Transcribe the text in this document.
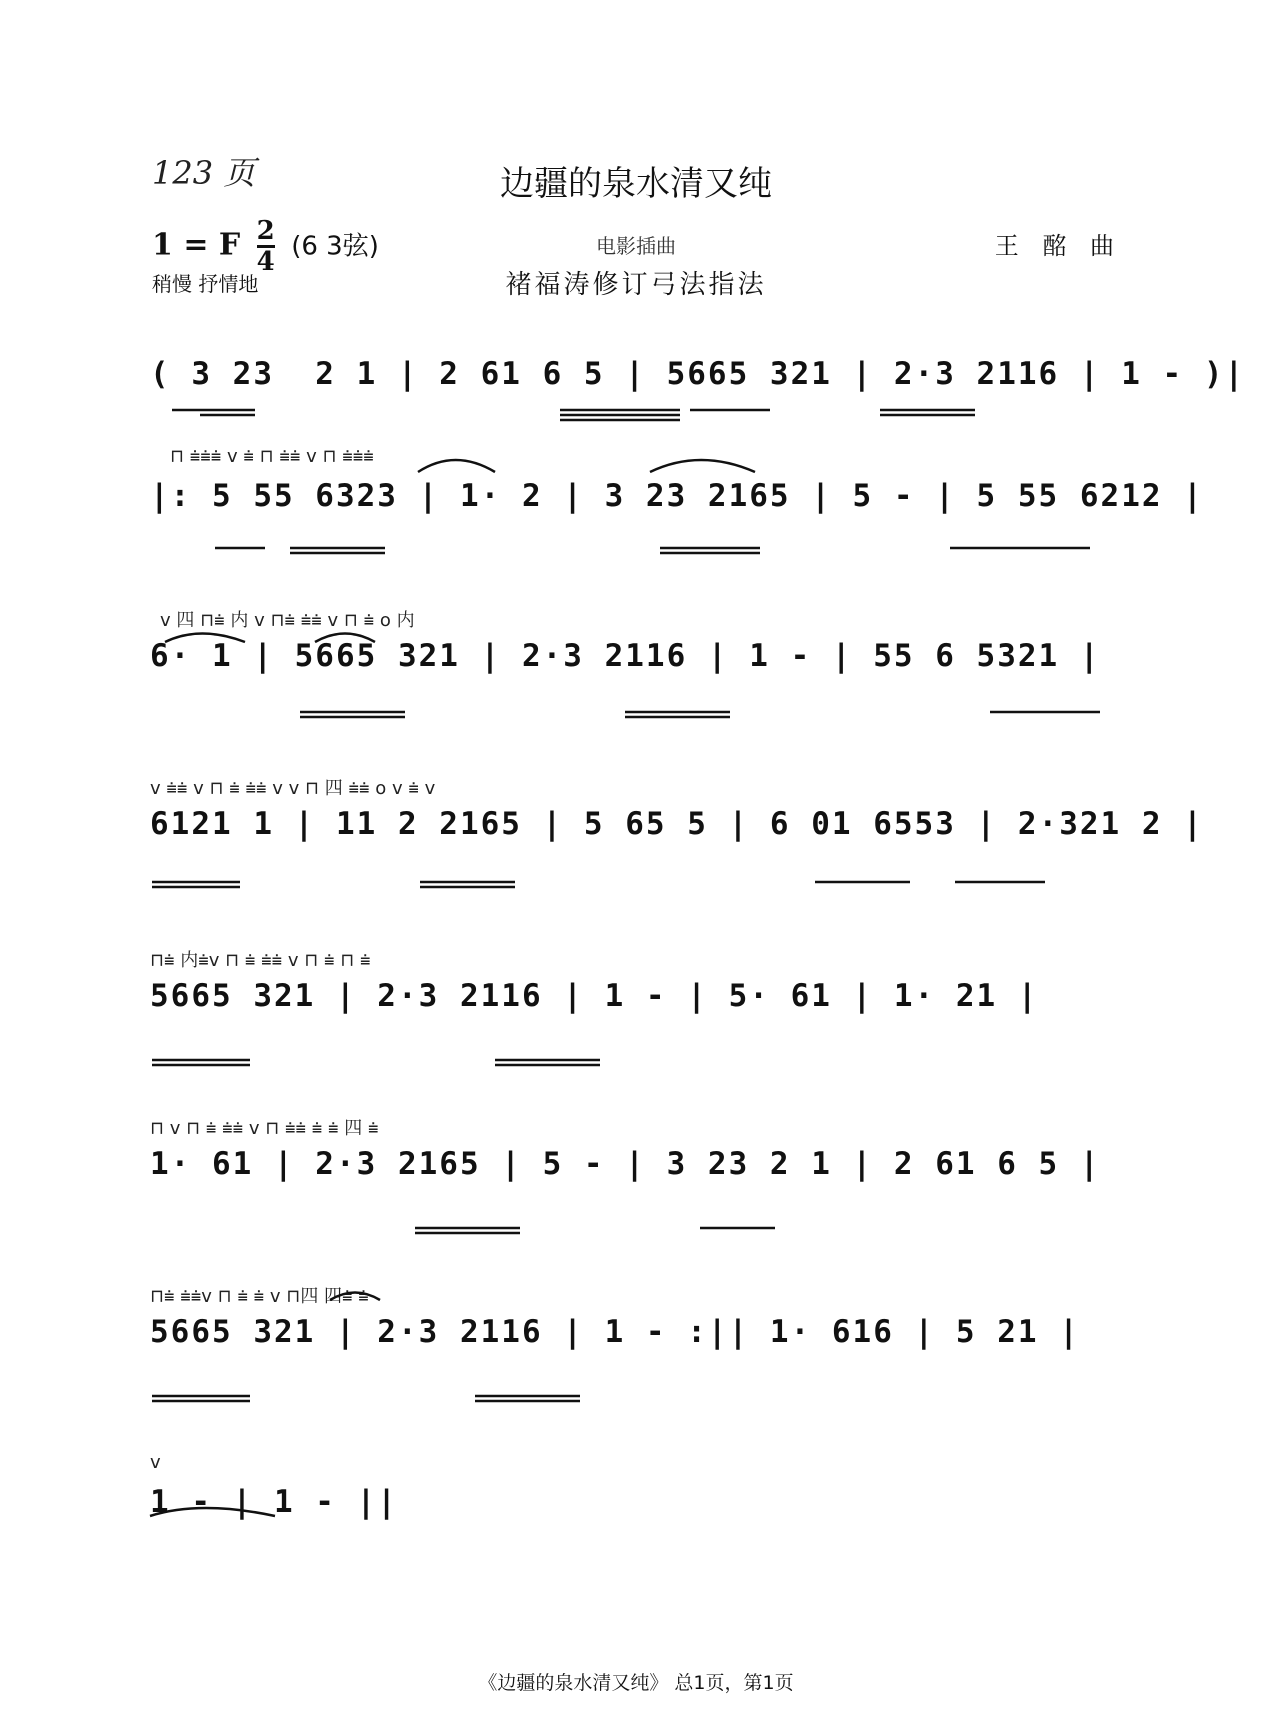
123 页	边疆的泉水清又纯
1 = F $\frac{2}{4} (6$ 3弦)
稍慢 抒情地
电影插曲
褚福涛修订弓法指法
王 酩 曲
( 3 23  2 1 | 2 61 6 5 | 5665 321 | 2·3 2116 | 1 - )|
⊓ ⩧⩧⩧ v ⩧ ⊓ ⩧⩧ v ⊓ ⩧⩧⩧
|: 5 55 6323 | 1· 2 | 3 23 2165 | 5 - | 5 55 6212 |
v 四 ⊓⩧ 内 v ⊓⩧ ⩧⩧ v ⊓ ⩧ o 内
6· 1 | 5665 321 | 2·3 2116 | 1 - | 55 6 5321 |
v ⩧⩧ v ⊓ ⩧ ⩧⩧ v v ⊓ 四 ⩧⩧ o v ⩧ v
6121 1 | 11 2 2165 | 5 65 5 | 6 01 6553 | 2·321 2 |
⊓⩧ 内⩧v ⊓ ⩧ ⩧⩧ v ⊓ ⩧ ⊓ ⩧
5665 321 | 2·3 2116 | 1 - | 5· 61 | 1· 21 |
⊓ v ⊓ ⩧ ⩧⩧ v ⊓ ⩧⩧ ⩧ ⩧ 四 ⩧
1· 61 | 2·3 2165 | 5 - | 3 23 2 1 | 2 61 6 5 |
⊓⩧ ⩧⩧v ⊓ ⩧ ⩧ v ⊓四 四⩧ ⩧
5665 321 | 2·3 2116 | 1 - :|| 1· 616 | 5 21 |
v
1 - | 1 - ||
《边疆的泉水清又纯》 总1页，第1页
